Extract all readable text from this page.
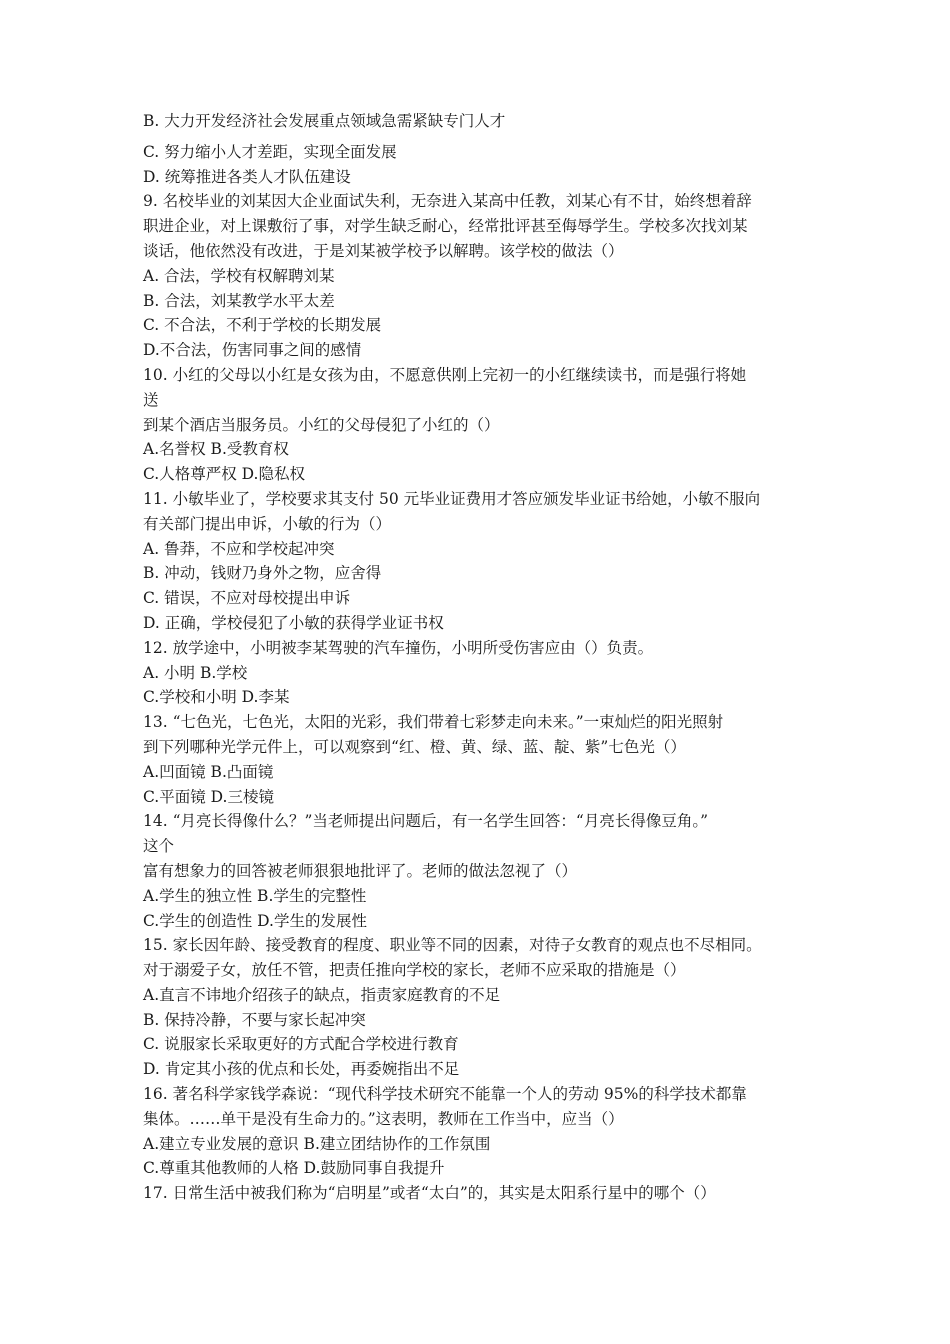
B. 大力开发经济社会发展重点领域急需紧缺专门人才

C. 努力缩小人才差距，实现全面发展

D. 统筹推进各类人才队伍建设

9. 名校毕业的刘某因大企业面试失利，无奈进入某高中任教，刘某心有不甘，始终想着辞

职进企业，对上课敷衍了事，对学生缺乏耐心，经常批评甚至侮辱学生。学校多次找刘某

谈话，他依然没有改进，于是刘某被学校予以解聘。该学校的做法（）

A. 合法，学校有权解聘刘某

B. 合法，刘某教学水平太差

C. 不合法，不利于学校的长期发展

D.不合法，伤害同事之间的感情

10. 小红的父母以小红是女孩为由，不愿意供刚上完初一的小红继续读书，而是强行将她

送

到某个酒店当服务员。小红的父母侵犯了小红的（）

A.名誉权 B.受教育权

C.人格尊严权 D.隐私权

11. 小敏毕业了，学校要求其支付 50 元毕业证费用才答应颁发毕业证书给她，小敏不服向

有关部门提出申诉，小敏的行为（）

A. 鲁莽，不应和学校起冲突

B. 冲动，钱财乃身外之物，应舍得

C. 错误，不应对母校提出申诉

D. 正确，学校侵犯了小敏的获得学业证书权

12. 放学途中，小明被李某驾驶的汽车撞伤，小明所受伤害应由（）负责。

A. 小明 B.学校

C.学校和小明 D.李某

13. “七色光，七色光，太阳的光彩，我们带着七彩梦走向未来。”一束灿烂的阳光照射

到下列哪种光学元件上，可以观察到“红、橙、黄、绿、蓝、靛、紫”七色光（）

A.凹面镜 B.凸面镜

C.平面镜 D.三棱镜

14. “月亮长得像什么？”当老师提出问题后，有一名学生回答：“月亮长得像豆角。”

这个

富有想象力的回答被老师狠狠地批评了。老师的做法忽视了（）

A.学生的独立性 B.学生的完整性

C.学生的创造性 D.学生的发展性

15. 家长因年龄、接受教育的程度、职业等不同的因素，对待子女教育的观点也不尽相同。

对于溺爱子女，放任不管，把责任推向学校的家长，老师不应采取的措施是（）

A.直言不讳地介绍孩子的缺点，指责家庭教育的不足

B. 保持冷静，不要与家长起冲突

C. 说服家长采取更好的方式配合学校进行教育

D. 肯定其小孩的优点和长处，再委婉指出不足

16. 著名科学家钱学森说：“现代科学技术研究不能靠一个人的劳动 95%的科学技术都靠

集体。……单干是没有生命力的。”这表明，教师在工作当中，应当（）

A.建立专业发展的意识 B.建立团结协作的工作氛围

C.尊重其他教师的人格 D.鼓励同事自我提升

17. 日常生活中被我们称为“启明星”或者“太白”的，其实是太阳系行星中的哪个（）
